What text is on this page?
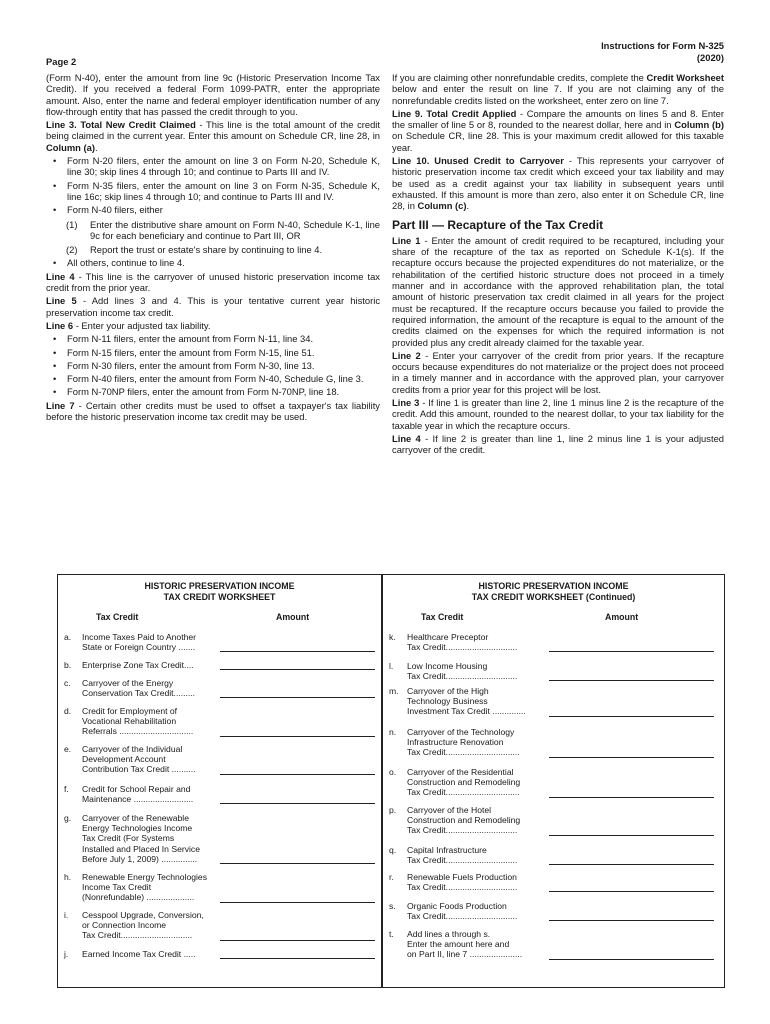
Instructions for Form N-325
(2020)
Page 2

(Form N-40), enter the amount from line 9c (Historic Preservation Income Tax Credit). If you received a federal Form 1099-PATR, enter the appropriate amount. Also, enter the name and federal employer identification number of any flow-through entity that has passed the credit through to you.

Line 3. Total New Credit Claimed - This line is the total amount of the credit being claimed in the current year. Enter this amount on Schedule CR, line 28, in Column (a).

• Form N-20 filers, enter the amount on line 3 on Form N-20, Schedule K, line 30; skip lines 4 through 10; and continue to Parts III and IV.

• Form N-35 filers, enter the amount on line 3 on Form N-35, Schedule K, line 16c; skip lines 4 through 10; and continue to Parts III and IV.

• Form N-40 filers, either

(1) Enter the distributive share amount on Form N-40, Schedule K-1, line 9c for each beneficiary and continue to Part III, OR

(2) Report the trust or estate's share by continuing to line 4.

• All others, continue to line 4.

Line 4 - This line is the carryover of unused historic preservation income tax credit from the prior year.

Line 5 - Add lines 3 and 4. This is your tentative current year historic preservation income tax credit.

Line 6 - Enter your adjusted tax liability.

• Form N-11 filers, enter the amount from Form N-11, line 34.

• Form N-15 filers, enter the amount from Form N-15, line 51.

• Form N-30 filers, enter the amount from Form N-30, line 13.

• Form N-40 filers, enter the amount from Form N-40, Schedule G, line 3.

• Form N-70NP filers, enter the amount from Form N-70NP, line 18.

Line 7 - Certain other credits must be used to offset a taxpayer's tax liability before the historic preservation income tax credit may be used.

If you are claiming other nonrefundable credits, complete the Credit Worksheet below and enter the result on line 7. If you are not claiming any of the nonrefundable credits listed on the worksheet, enter zero on line 7.

Line 9. Total Credit Applied - Compare the amounts on lines 5 and 8. Enter the smaller of line 5 or 8, rounded to the nearest dollar, here and in Column (b) on Schedule CR, line 28. This is your maximum credit allowed for this taxable year.

Line 10. Unused Credit to Carryover - This represents your carryover of historic preservation income tax credit which exceed your tax liability and may be used as a credit against your tax liability in subsequent years until exhausted. If this amount is more than zero, also enter it on Schedule CR, line 28, in Column (c).

Part III — Recapture of the Tax Credit

Line 1 - Enter the amount of credit required to be recaptured, including your share of the recapture of the tax as reported on Schedule K-1(s). If the recapture occurs because the projected expenditures do not materialize, or the rehabilitation of the certified historic structure does not proceed in a timely manner and in accordance with the approved rehabilitation plan, the total amount of historic preservation tax credit claimed in all years for the project must be recaptured. If the recapture occurs because you failed to provide the required information, the amount of the recapture is equal to the amount of the credits claimed on the expenses for which the required information is not provided plus any credit already claimed for the taxable year.

Line 2 - Enter your carryover of the credit from prior years. If the recapture occurs because expenditures do not materialize or the project does not proceed in a timely manner and in accordance with the approved plan, your carryover credits from a prior year for this project will be lost.

Line 3 - If line 1 is greater than line 2, line 1 minus line 2 is the recapture of the credit. Add this amount, rounded to the nearest dollar, to your tax liability for the taxable year in which the recapture occurs.

Line 4 - If line 2 is greater than line 1, line 2 minus line 1 is your adjusted carryover of the credit.

HISTORIC PRESERVATION INCOME
TAX CREDIT WORKSHEET
Tax Credit	Amount
a. Income Taxes Paid to Another
State or Foreign Country .......
b. Enterprise Zone Tax Credit....
c. Carryover of the Energy
Conservation Tax Credit.........
d. Credit for Employment of
Vocational Rehabilitation
Referrals ...............................
e. Carryover of the Individual
Development Account
Contribution Tax Credit ..........
f. Credit for School Repair and
Maintenance .........................
g. Carryover of the Renewable
Energy Technologies Income
Tax Credit (For Systems
Installed and Placed In Service
Before July 1, 2009) ...............
h. Renewable Energy Technologies
Income Tax Credit
(Nonrefundable) ....................
i. Cesspool Upgrade, Conversion,
or Connection Income
Tax Credit..............................
j. Earned Income Tax Credit .....
HISTORIC PRESERVATION INCOME
TAX CREDIT WORKSHEET (Continued)
Tax Credit	Amount
k. Healthcare Preceptor
Tax Credit..............................
l. Low Income Housing
Tax Credit..............................
m. Carryover of the High
Technology Business
Investment Tax Credit ..............
n. Carryover of the Technology
Infrastructure Renovation
Tax Credit...............................
o. Carryover of the Residential
Construction and Remodeling
Tax Credit...............................
p. Carryover of the Hotel
Construction and Remodeling
Tax Credit..............................
q. Capital Infrastructure
Tax Credit..............................
r. Renewable Fuels Production
Tax Credit..............................
s. Organic Foods Production
Tax Credit..............................
t. Add lines a through s.
Enter the amount here and
on Part II, line 7 ......................
